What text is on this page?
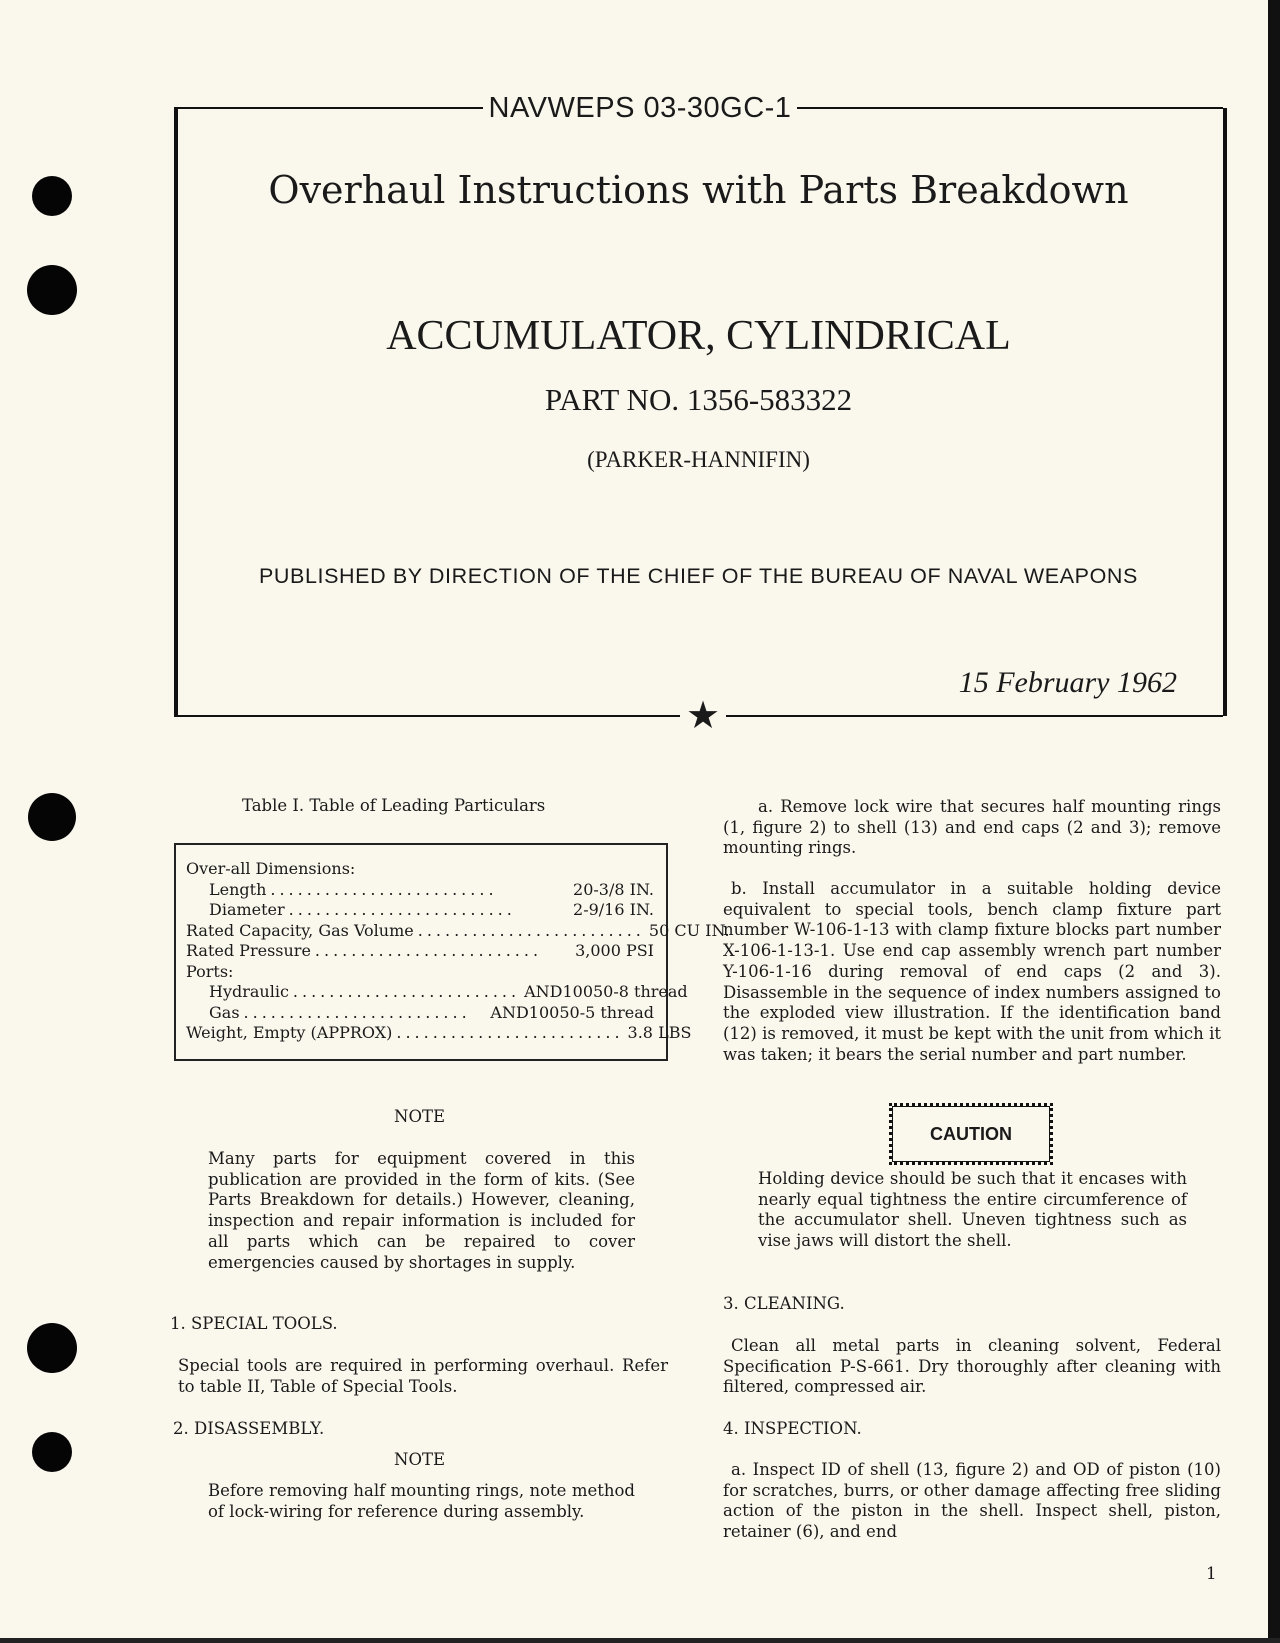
NAVWEPS 03-30GC-1
★
Overhaul Instructions with Parts Breakdown
ACCUMULATOR, CYLINDRICAL
PART NO. 1356-583322
(PARKER-HANNIFIN)
PUBLISHED BY DIRECTION OF THE CHIEF OF THE BUREAU OF NAVAL WEAPONS
15 February 1962
Table I. Table of Leading Particulars
Over-all Dimensions:
Length .........................	20-3/8 IN.
Diameter .........................	2-9/16 IN.
Rated Capacity, Gas Volume ......................... 50 CU IN.
Rated Pressure .........................	3,000 PSI
Ports:
Hydraulic ......................... AND10050-8 thread
Gas .........................	AND10050-5 thread
Weight, Empty (APPROX) ......................... 3.8 LBS
NOTE
Many parts for equipment covered in this publication are provided in the form of kits. (See Parts Breakdown for details.) However, cleaning, inspection and repair information is included for all parts which can be repaired to cover emergencies caused by shortages in supply.
1. SPECIAL TOOLS.
Special tools are required in performing overhaul. Refer to table II, Table of Special Tools.
2. DISASSEMBLY.
NOTE
Before removing half mounting rings, note method of lock-wiring for reference during assembly.
a. Remove lock wire that secures half mounting rings (1, figure 2) to shell (13) and end caps (2 and 3); remove mounting rings.
b. Install accumulator in a suitable holding device equivalent to special tools, bench clamp fixture part number W-106-1-13 with clamp fixture blocks part number X-106-1-13-1. Use end cap assembly wrench part number Y-106-1-16 during removal of end caps (2 and 3). Disassemble in the sequence of index numbers assigned to the exploded view illustration. If the identification band (12) is removed, it must be kept with the unit from which it was taken; it bears the serial number and part number.
CAUTION
Holding device should be such that it encases with nearly equal tightness the entire circumference of the accumulator shell. Uneven tightness such as vise jaws will distort the shell.
3. CLEANING.
Clean all metal parts in cleaning solvent, Federal Specification P-S-661. Dry thoroughly after cleaning with filtered, compressed air.
4. INSPECTION.
a. Inspect ID of shell (13, figure 2) and OD of piston (10) for scratches, burrs, or other damage affecting free sliding action of the piston in the shell. Inspect shell, piston, retainer (6), and end
1
